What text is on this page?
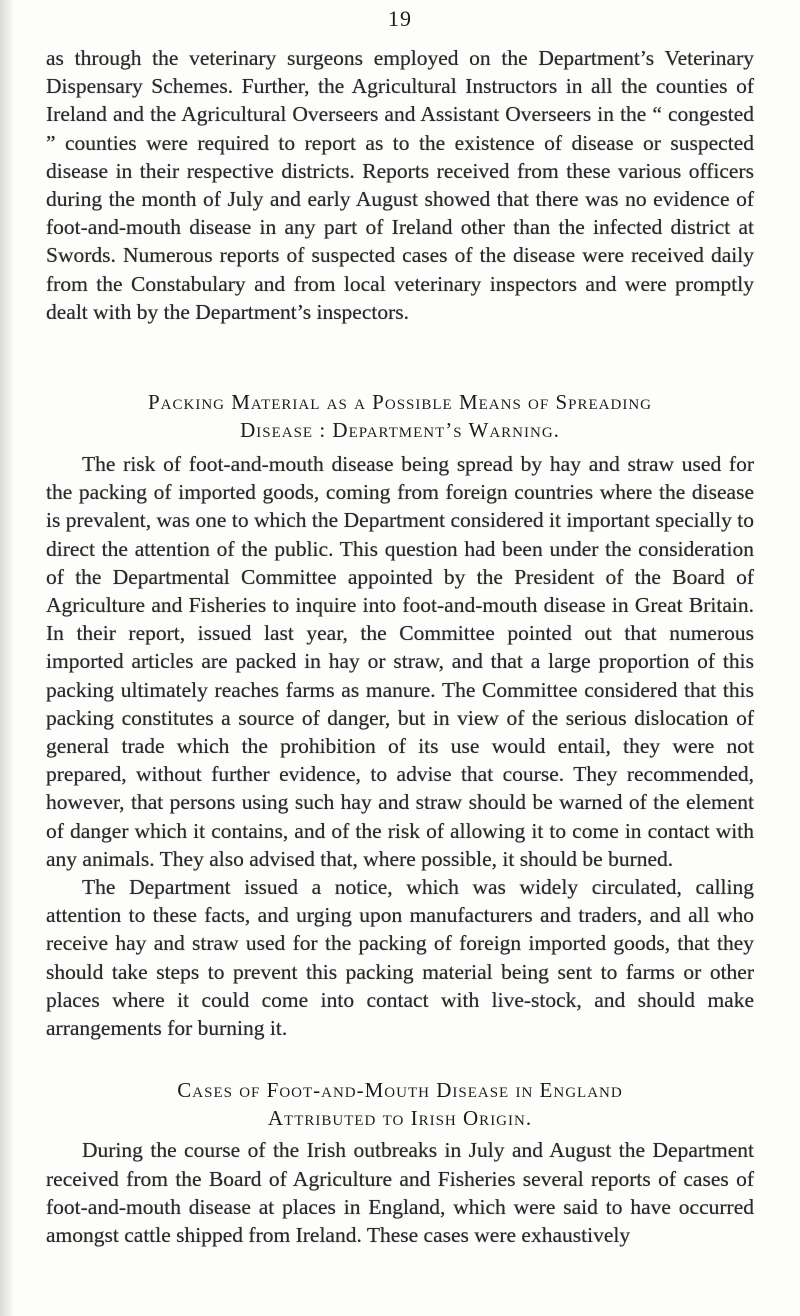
19

as through the veterinary surgeons employed on the Department’s Veterinary Dispensary Schemes. Further, the Agricultural Instructors in all the counties of Ireland and the Agricultural Overseers and Assistant Overseers in the “ congested ” counties were required to report as to the existence of disease or suspected disease in their respective districts. Reports received from these various officers during the month of July and early August showed that there was no evidence of foot-and-mouth disease in any part of Ireland other than the infected district at Swords. Numerous reports of suspected cases of the disease were received daily from the Constabulary and from local veterinary inspectors and were promptly dealt with by the Department’s inspectors.

Packing Material as a Possible Means of Spreading

Disease : Department’s Warning.

The risk of foot-and-mouth disease being spread by hay and straw used for the packing of imported goods, coming from foreign countries where the disease is prevalent, was one to which the Department considered it important specially to direct the attention of the public. This question had been under the consideration of the Departmental Committee appointed by the President of the Board of Agriculture and Fisheries to inquire into foot-and-mouth disease in Great Britain. In their report, issued last year, the Committee pointed out that numerous imported articles are packed in hay or straw, and that a large proportion of this packing ultimately reaches farms as manure. The Committee considered that this packing constitutes a source of danger, but in view of the serious dislocation of general trade which the prohibition of its use would entail, they were not prepared, without further evidence, to advise that course. They recommended, however, that persons using such hay and straw should be warned of the element of danger which it contains, and of the risk of allowing it to come in contact with any animals. They also advised that, where possible, it should be burned.

The Department issued a notice, which was widely circulated, calling attention to these facts, and urging upon manufacturers and traders, and all who receive hay and straw used for the packing of foreign imported goods, that they should take steps to prevent this packing material being sent to farms or other places where it could come into contact with live-stock, and should make arrangements for burning it.

Cases of Foot-and-Mouth Disease in England

Attributed to Irish Origin.

During the course of the Irish outbreaks in July and August the Department received from the Board of Agriculture and Fisheries several reports of cases of foot-and-mouth disease at places in England, which were said to have occurred amongst cattle shipped from Ireland. These cases were exhaustively
